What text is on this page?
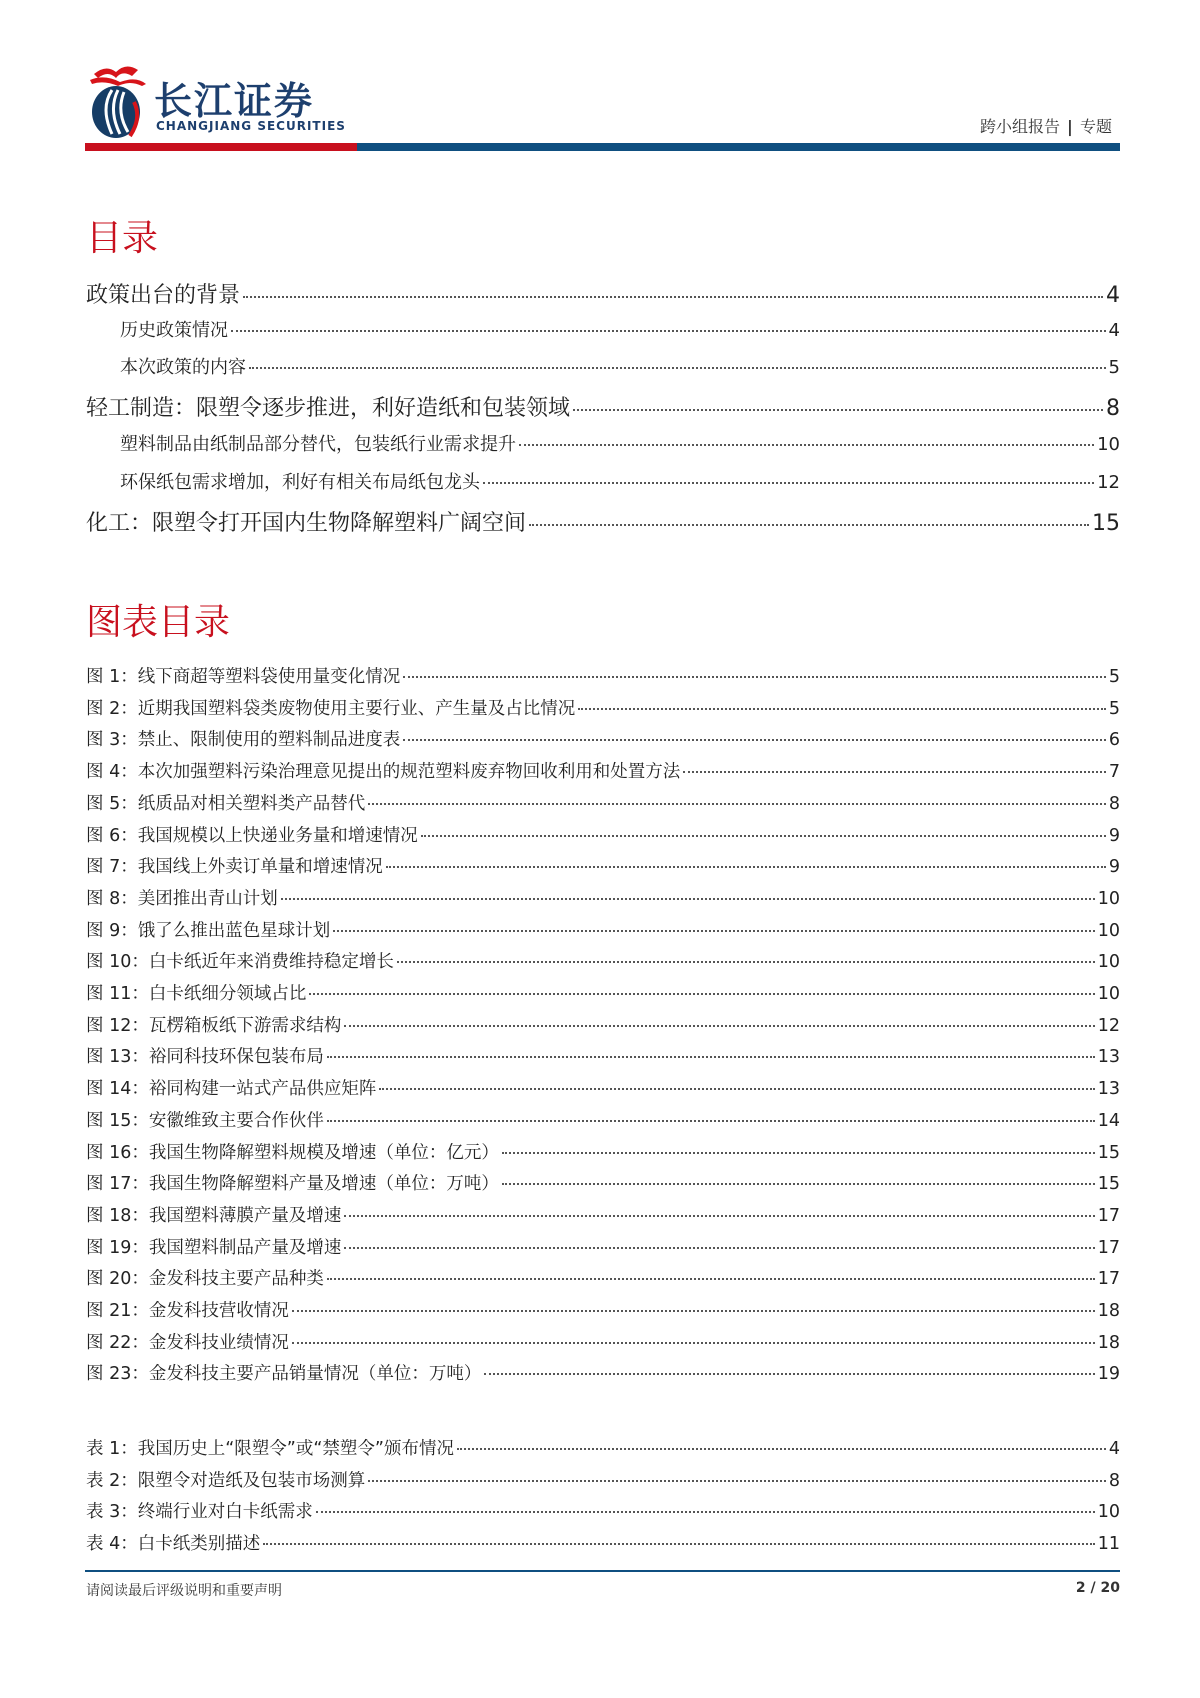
长江证券
CHANGJIANG SECURITIES	跨小组报告 | 专题
目录
政策出台的背景	4
历史政策情况	4
本次政策的内容	5
轻工制造：限塑令逐步推进，利好造纸和包装领域	8
塑料制品由纸制品部分替代，包装纸行业需求提升	10
环保纸包需求增加，利好有相关布局纸包龙头	12
化工：限塑令打开国内生物降解塑料广阔空间	15
图表目录
图 1：线下商超等塑料袋使用量变化情况	5
图 2：近期我国塑料袋类废物使用主要行业、产生量及占比情况	5
图 3：禁止、限制使用的塑料制品进度表	6
图 4：本次加强塑料污染治理意见提出的规范塑料废弃物回收利用和处置方法	7
图 5：纸质品对相关塑料类产品替代	8
图 6：我国规模以上快递业务量和增速情况	9
图 7：我国线上外卖订单量和增速情况	9
图 8：美团推出青山计划	10
图 9：饿了么推出蓝色星球计划	10
图 10：白卡纸近年来消费维持稳定增长	10
图 11：白卡纸细分领域占比	10
图 12：瓦楞箱板纸下游需求结构	12
图 13：裕同科技环保包装布局	13
图 14：裕同构建一站式产品供应矩阵	13
图 15：安徽维致主要合作伙伴	14
图 16：我国生物降解塑料规模及增速（单位：亿元）	15
图 17：我国生物降解塑料产量及增速（单位：万吨）	15
图 18：我国塑料薄膜产量及增速	17
图 19：我国塑料制品产量及增速	17
图 20：金发科技主要产品种类	17
图 21：金发科技营收情况	18
图 22：金发科技业绩情况	18
图 23：金发科技主要产品销量情况（单位：万吨）	19
表 1：我国历史上“限塑令”或“禁塑令”颁布情况	4
表 2：限塑令对造纸及包装市场测算	8
表 3：终端行业对白卡纸需求	10
表 4：白卡纸类别描述	11
请阅读最后评级说明和重要声明	2 / 20
